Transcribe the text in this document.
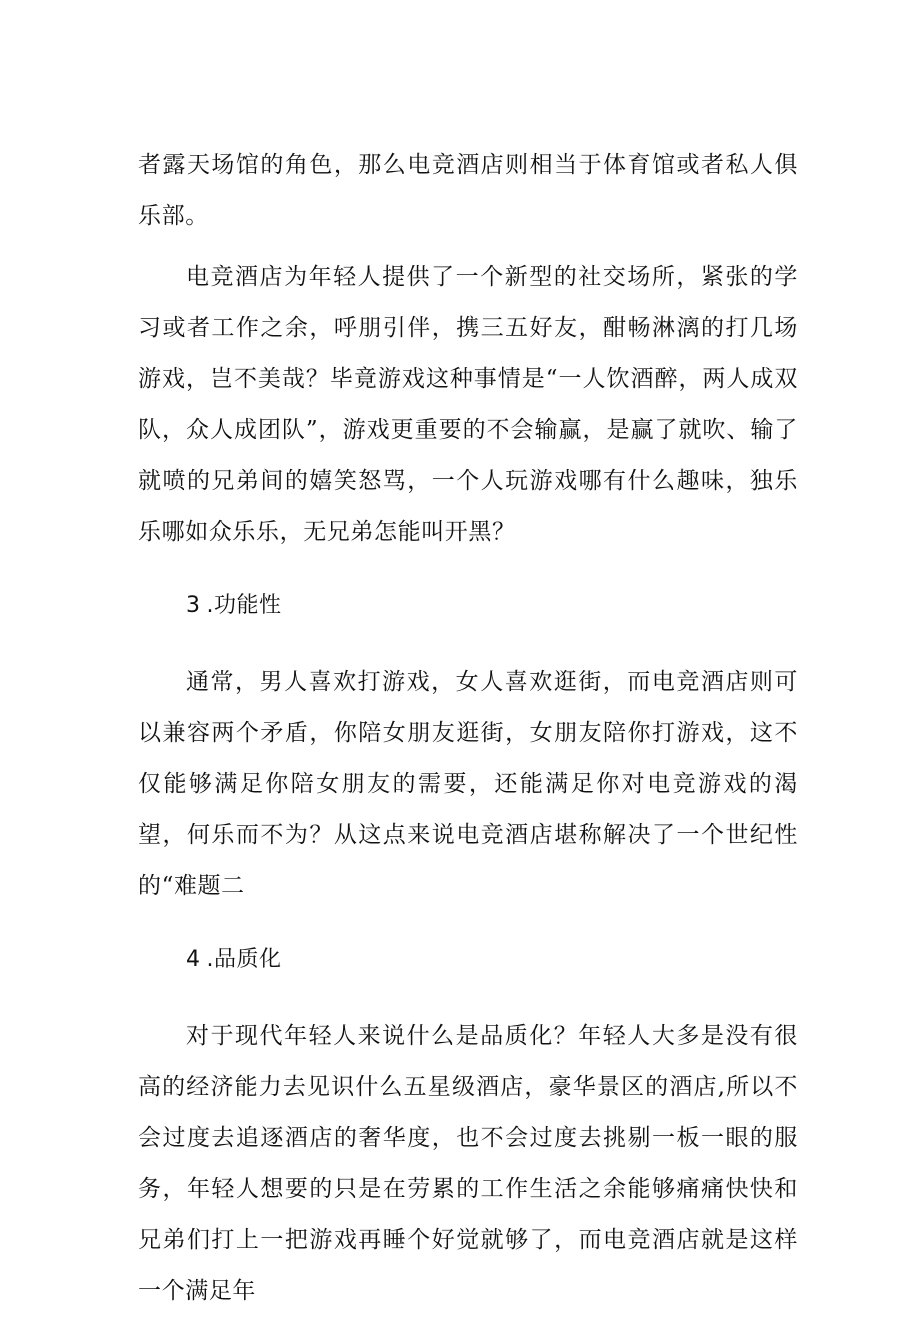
者露天场馆的角色，那么电竞酒店则相当于体育馆或者私人俱乐部。

电竞酒店为年轻人提供了一个新型的社交场所，紧张的学习或者工作之余，呼朋引伴，携三五好友，酣畅淋漓的打几场游戏，岂不美哉？毕竟游戏这种事情是“一人饮酒醉，两人成双队，众人成团队”，游戏更重要的不会输赢，是赢了就吹、输了就喷的兄弟间的嬉笑怒骂，一个人玩游戏哪有什么趣味，独乐乐哪如众乐乐，无兄弟怎能叫开黑？

3 .功能性

通常，男人喜欢打游戏，女人喜欢逛街，而电竞酒店则可以兼容两个矛盾，你陪女朋友逛街，女朋友陪你打游戏，这不仅能够满足你陪女朋友的需要，还能满足你对电竞游戏的渴望，何乐而不为？从这点来说电竞酒店堪称解决了一个世纪性的“难题二

4 .品质化

对于现代年轻人来说什么是品质化？年轻人大多是没有很高的经济能力去见识什么五星级酒店，豪华景区的酒店,所以不会过度去追逐酒店的奢华度，也不会过度去挑剔一板一眼的服务，年轻人想要的只是在劳累的工作生活之余能够痛痛快快和兄弟们打上一把游戏再睡个好觉就够了，而电竞酒店就是这样一个满足年
